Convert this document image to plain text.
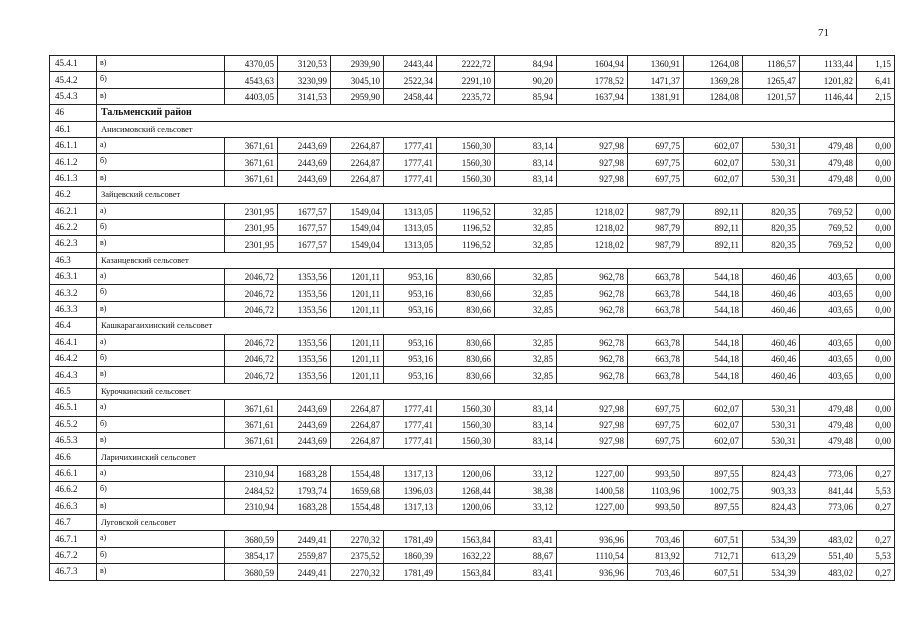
71
45.4.1	в)	4370,05	3120,53	2939,90	2443,44	2222,72	84,94	1604,94	1360,91	1264,08	1186,57	1133,44	1,15
45.4.2	б)	4543,63	3230,99	3045,10	2522,34	2291,10	90,20	1778,52	1471,37	1369,28	1265,47	1201,82	6,41
45.4.3	в)	4403,05	3141,53	2959,90	2458,44	2235,72	85,94	1637,94	1381,91	1284,08	1201,57	1146,44	2,15
46	Тальменский район												
46.1	Анисимовский сельсовет												
46.1.1	а)	3671,61	2443,69	2264,87	1777,41	1560,30	83,14	927,98	697,75	602,07	530,31	479,48	0,00
46.1.2	б)	3671,61	2443,69	2264,87	1777,41	1560,30	83,14	927,98	697,75	602,07	530,31	479,48	0,00
46.1.3	в)	3671,61	2443,69	2264,87	1777,41	1560,30	83,14	927,98	697,75	602,07	530,31	479,48	0,00
46.2	Зайцевский сельсовет												
46.2.1	а)	2301,95	1677,57	1549,04	1313,05	1196,52	32,85	1218,02	987,79	892,11	820,35	769,52	0,00
46.2.2	б)	2301,95	1677,57	1549,04	1313,05	1196,52	32,85	1218,02	987,79	892,11	820,35	769,52	0,00
46.2.3	в)	2301,95	1677,57	1549,04	1313,05	1196,52	32,85	1218,02	987,79	892,11	820,35	769,52	0,00
46.3	Казанцевский сельсовет												
46.3.1	а)	2046,72	1353,56	1201,11	953,16	830,66	32,85	962,78	663,78	544,18	460,46	403,65	0,00
46.3.2	б)	2046,72	1353,56	1201,11	953,16	830,66	32,85	962,78	663,78	544,18	460,46	403,65	0,00
46.3.3	в)	2046,72	1353,56	1201,11	953,16	830,66	32,85	962,78	663,78	544,18	460,46	403,65	0,00
46.4	Кашкарагаихинский сельсовет												
46.4.1	а)	2046,72	1353,56	1201,11	953,16	830,66	32,85	962,78	663,78	544,18	460,46	403,65	0,00
46.4.2	б)	2046,72	1353,56	1201,11	953,16	830,66	32,85	962,78	663,78	544,18	460,46	403,65	0,00
46.4.3	в)	2046,72	1353,56	1201,11	953,16	830,66	32,85	962,78	663,78	544,18	460,46	403,65	0,00
46.5	Курочкинский сельсовет												
46.5.1	а)	3671,61	2443,69	2264,87	1777,41	1560,30	83,14	927,98	697,75	602,07	530,31	479,48	0,00
46.5.2	б)	3671,61	2443,69	2264,87	1777,41	1560,30	83,14	927,98	697,75	602,07	530,31	479,48	0,00
46.5.3	в)	3671,61	2443,69	2264,87	1777,41	1560,30	83,14	927,98	697,75	602,07	530,31	479,48	0,00
46.6	Ларичихинский сельсовет												
46.6.1	а)	2310,94	1683,28	1554,48	1317,13	1200,06	33,12	1227,00	993,50	897,55	824,43	773,06	0,27
46.6.2	б)	2484,52	1793,74	1659,68	1396,03	1268,44	38,38	1400,58	1103,96	1002,75	903,33	841,44	5,53
46.6.3	в)	2310,94	1683,28	1554,48	1317,13	1200,06	33,12	1227,00	993,50	897,55	824,43	773,06	0,27
46.7	Луговской сельсовет												
46.7.1	а)	3680,59	2449,41	2270,32	1781,49	1563,84	83,41	936,96	703,46	607,51	534,39	483,02	0,27
46.7.2	б)	3854,17	2559,87	2375,52	1860,39	1632,22	88,67	1110,54	813,92	712,71	613,29	551,40	5,53
46.7.3	в)	3680,59	2449,41	2270,32	1781,49	1563,84	83,41	936,96	703,46	607,51	534,39	483,02	0,27
